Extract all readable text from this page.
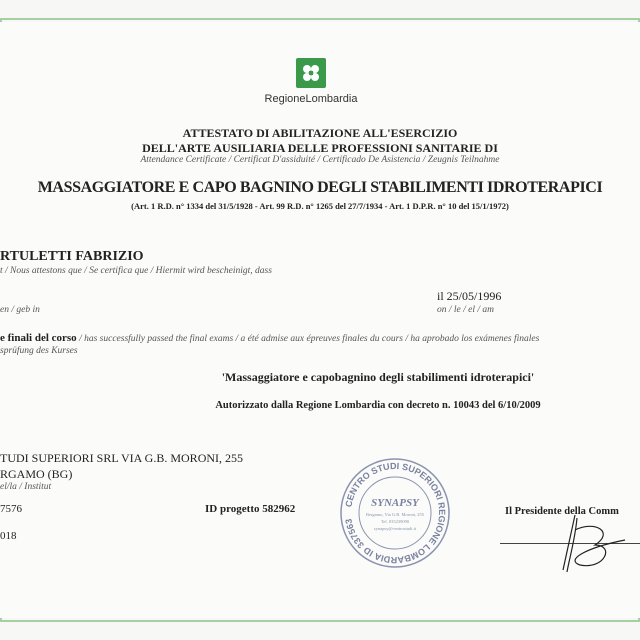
RegioneLombardia
ATTESTATO DI ABILITAZIONE ALL'ESERCIZIO
DELL'ARTE AUSILIARIA DELLE PROFESSIONI SANITARIE DI
Attendance Certificate / Certificat D'assiduité / Certificado De Asistencia / Zeugnis Teilnahme
MASSAGGIATORE E CAPO BAGNINO DEGLI STABILIMENTI IDROTERAPICI
(Art. 1 R.D. n° 1334 del 31/5/1928 - Art. 99 R.D. n° 1265 del 27/7/1934 - Art. 1 D.P.R. n° 10 del 15/1/1972)
RTULETTI FABRIZIO
t / Nous attestons que / Se certifica que / Hiermit wird bescheinigt, dass
en / geb in
il 25/05/1996
on / le / el / am
e finali del corso / has successfully passed the final exams / a été admise aux épreuves finales du cours / ha aprobado los exámenes finales
sprüfung des Kurses
'Massaggiatore e capobagnino degli stabilimenti idroterapici'
Autorizzato dalla Regione Lombardia con decreto n. 10043 del 6/10/2009
TUDI SUPERIORI SRL VIA G.B. MORONI, 255
RGAMO (BG)
el/la / Institut
7576	ID progetto 582962
018
CENTRO STUDI SUPERIORI REGIONE LOMBARDIA ID 337563
SYNAPSY
Bergamo, Via G.B. Moroni, 255
Tel. 035239090
synapsy@centrostudi.it
Il Presidente della Comm
